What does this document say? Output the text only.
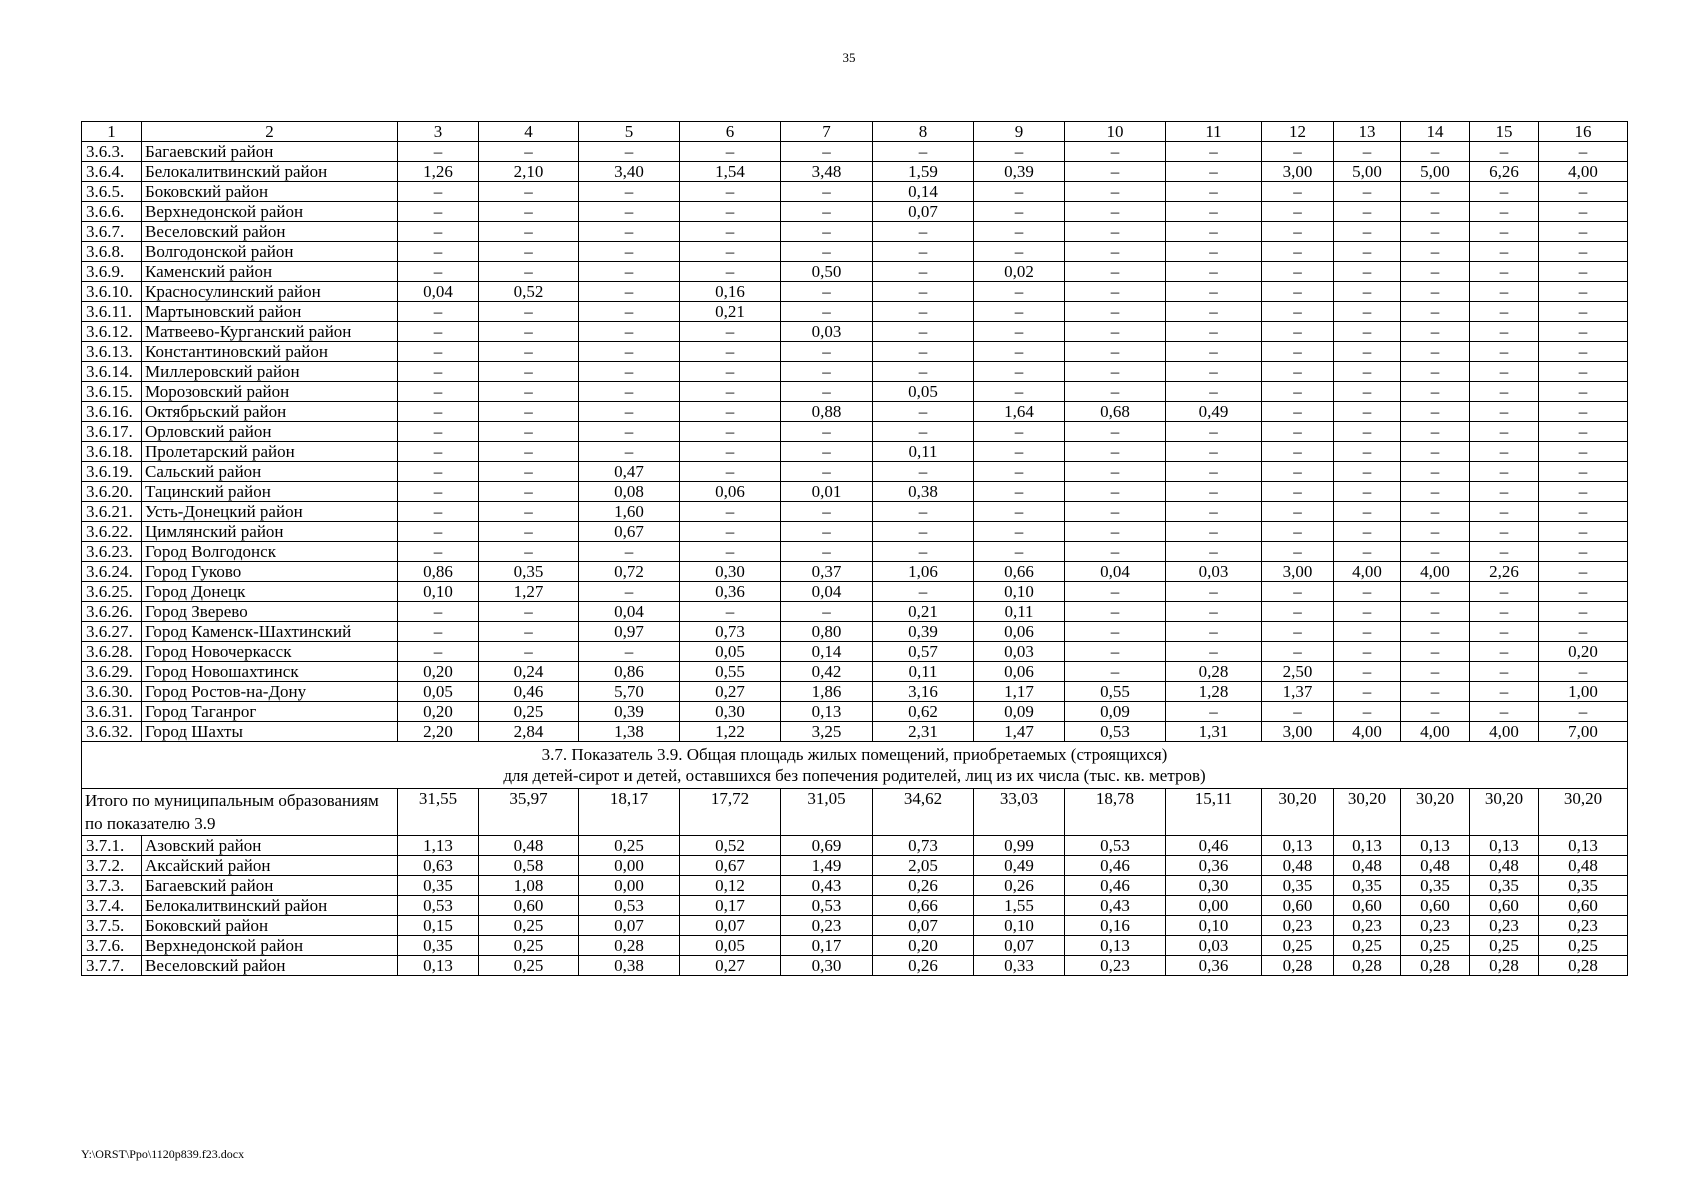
35
1	2	3	4	5	6	7	8	9	10	11	12	13	14	15	16
3.6.3.	Багаевский район	–	–	–	–	–	–	–	–	–	–	–	–	–	–
3.6.4.	Белокалитвинский район	1,26	2,10	3,40	1,54	3,48	1,59	0,39	–	–	3,00	5,00	5,00	6,26	4,00
3.6.5.	Боковский район	–	–	–	–	–	0,14	–	–	–	–	–	–	–	–
3.6.6.	Верхнедонской район	–	–	–	–	–	0,07	–	–	–	–	–	–	–	–
3.6.7.	Веселовский район	–	–	–	–	–	–	–	–	–	–	–	–	–	–
3.6.8.	Волгодонской район	–	–	–	–	–	–	–	–	–	–	–	–	–	–
3.6.9.	Каменский район	–	–	–	–	0,50	–	0,02	–	–	–	–	–	–	–
3.6.10.	Красносулинский район	0,04	0,52	–	0,16	–	–	–	–	–	–	–	–	–	–
3.6.11.	Мартыновский район	–	–	–	0,21	–	–	–	–	–	–	–	–	–	–
3.6.12.	Матвеево-Курганский район	–	–	–	–	0,03	–	–	–	–	–	–	–	–	–
3.6.13.	Константиновский район	–	–	–	–	–	–	–	–	–	–	–	–	–	–
3.6.14.	Миллеровский район	–	–	–	–	–	–	–	–	–	–	–	–	–	–
3.6.15.	Морозовский район	–	–	–	–	–	0,05	–	–	–	–	–	–	–	–
3.6.16.	Октябрьский район	–	–	–	–	0,88	–	1,64	0,68	0,49	–	–	–	–	–
3.6.17.	Орловский район	–	–	–	–	–	–	–	–	–	–	–	–	–	–
3.6.18.	Пролетарский район	–	–	–	–	–	0,11	–	–	–	–	–	–	–	–
3.6.19.	Сальский район	–	–	0,47	–	–	–	–	–	–	–	–	–	–	–
3.6.20.	Тацинский район	–	–	0,08	0,06	0,01	0,38	–	–	–	–	–	–	–	–
3.6.21.	Усть-Донецкий район	–	–	1,60	–	–	–	–	–	–	–	–	–	–	–
3.6.22.	Цимлянский район	–	–	0,67	–	–	–	–	–	–	–	–	–	–	–
3.6.23.	Город Волгодонск	–	–	–	–	–	–	–	–	–	–	–	–	–	–
3.6.24.	Город Гуково	0,86	0,35	0,72	0,30	0,37	1,06	0,66	0,04	0,03	3,00	4,00	4,00	2,26	–
3.6.25.	Город Донецк	0,10	1,27	–	0,36	0,04	–	0,10	–	–	–	–	–	–	–
3.6.26.	Город Зверево	–	–	0,04	–	–	0,21	0,11	–	–	–	–	–	–	–
3.6.27.	Город Каменск-Шахтинский	–	–	0,97	0,73	0,80	0,39	0,06	–	–	–	–	–	–	–
3.6.28.	Город Новочеркасск	–	–	–	0,05	0,14	0,57	0,03	–	–	–	–	–	–	0,20
3.6.29.	Город Новошахтинск	0,20	0,24	0,86	0,55	0,42	0,11	0,06	–	0,28	2,50	–	–	–	–
3.6.30.	Город Ростов-на-Дону	0,05	0,46	5,70	0,27	1,86	3,16	1,17	0,55	1,28	1,37	–	–	–	1,00
3.6.31.	Город Таганрог	0,20	0,25	0,39	0,30	0,13	0,62	0,09	0,09	–	–	–	–	–	–
3.6.32.	Город Шахты	2,20	2,84	1,38	1,22	3,25	2,31	1,47	0,53	1,31	3,00	4,00	4,00	4,00	7,00

3.7. Показатель 3.9. Общая площадь жилых помещений, приобретаемых (строящихся)
для детей-сирот и детей, оставшихся без попечения родителей, лиц из их числа (тыс. кв. метров)															

Итого по муниципальным образованиям по показателю 3.9		31,55	35,97	18,17	17,72	31,05	34,62	33,03	18,78	15,11	30,20	30,20	30,20	30,20	30,20
3.7.1.	Азовский район	1,13	0,48	0,25	0,52	0,69	0,73	0,99	0,53	0,46	0,13	0,13	0,13	0,13	0,13
3.7.2.	Аксайский район	0,63	0,58	0,00	0,67	1,49	2,05	0,49	0,46	0,36	0,48	0,48	0,48	0,48	0,48
3.7.3.	Багаевский район	0,35	1,08	0,00	0,12	0,43	0,26	0,26	0,46	0,30	0,35	0,35	0,35	0,35	0,35
3.7.4.	Белокалитвинский район	0,53	0,60	0,53	0,17	0,53	0,66	1,55	0,43	0,00	0,60	0,60	0,60	0,60	0,60
3.7.5.	Боковский район	0,15	0,25	0,07	0,07	0,23	0,07	0,10	0,16	0,10	0,23	0,23	0,23	0,23	0,23
3.7.6.	Верхнедонской район	0,35	0,25	0,28	0,05	0,17	0,20	0,07	0,13	0,03	0,25	0,25	0,25	0,25	0,25
3.7.7.	Веселовский район	0,13	0,25	0,38	0,27	0,30	0,26	0,33	0,23	0,36	0,28	0,28	0,28	0,28	0,28
Y:\ORST\Ppo\1120p839.f23.docx
